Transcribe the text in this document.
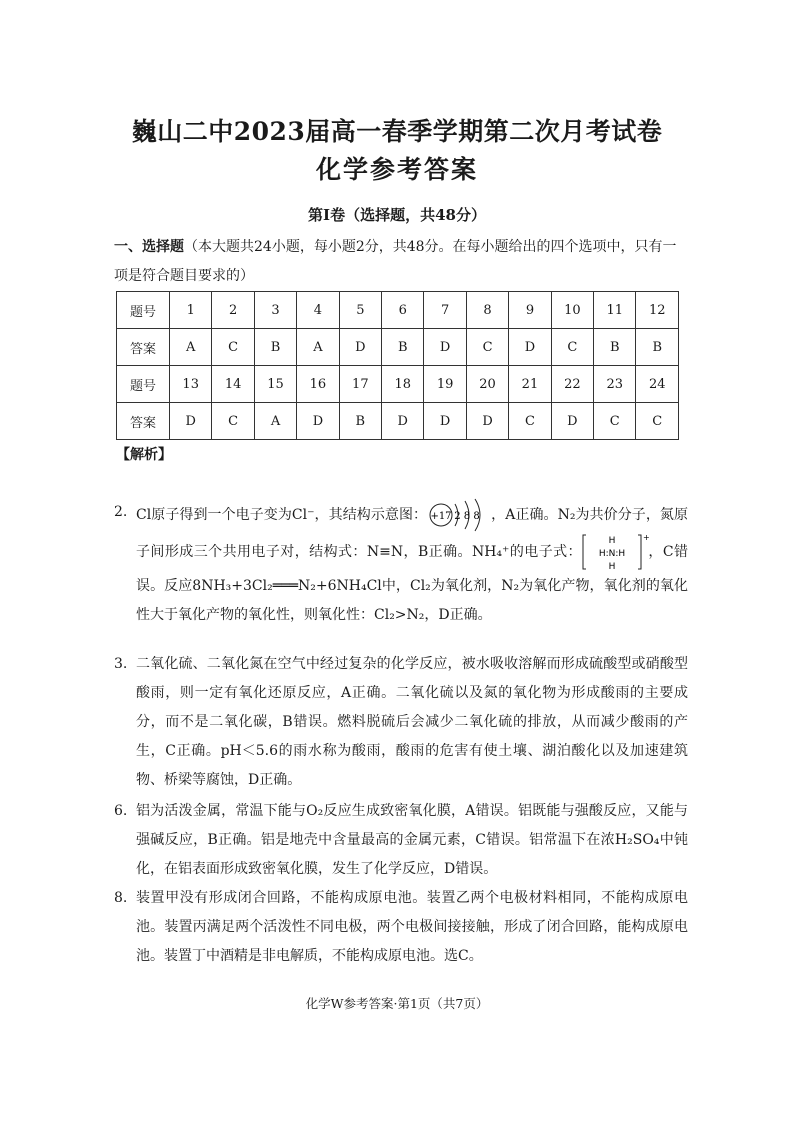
巍山二中2023届高一春季学期第二次月考试卷
化学参考答案
第Ⅰ卷（选择题，共48分）
一、选择题（本大题共24小题，每小题2分，共48分。在每小题给出的四个选项中，只有一项是符合题目要求的）
题号	1	2	3	4	5	6	7	8	9	10	11	12
答案	A	C	B	A	D	B	D	C	D	C	B	B
题号	13	14	15	16	17	18	19	20	21	22	23	24
答案	D	C	A	D	B	D	D	D	C	D	C	C
【解析】
2. Cl原子得到一个电子变为Cl⁻，其结构示意图： +17 2 8 8 ，A正确。N₂为共价分子，氮原子间形成三个共用电子对，结构式：N≡N，B正确。NH₄⁺的电子式：
H
H:N:H
H
+
，C错误。反应8NH₃+3Cl₂═══N₂+6NH₄Cl中，Cl₂为氧化剂，N₂为氧化产物，氧化剂的氧化性大于氧化产物的氧化性，则氧化性：Cl₂>N₂，D正确。
3. 二氧化硫、二氧化氮在空气中经过复杂的化学反应，被水吸收溶解而形成硫酸型或硝酸型酸雨，则一定有氧化还原反应，A正确。二氧化硫以及氮的氧化物为形成酸雨的主要成分，而不是二氧化碳，B错误。燃料脱硫后会减少二氧化硫的排放，从而减少酸雨的产生，C正确。pH＜5.6的雨水称为酸雨，酸雨的危害有使土壤、湖泊酸化以及加速建筑物、桥梁等腐蚀，D正确。
6. 铝为活泼金属，常温下能与O₂反应生成致密氧化膜，A错误。铝既能与强酸反应，又能与强碱反应，B正确。铝是地壳中含量最高的金属元素，C错误。铝常温下在浓H₂SO₄中钝化，在铝表面形成致密氧化膜，发生了化学反应，D错误。
8. 装置甲没有形成闭合回路，不能构成原电池。装置乙两个电极材料相同，不能构成原电池。装置丙满足两个活泼性不同电极，两个电极间接接触，形成了闭合回路，能构成原电池。装置丁中酒精是非电解质，不能构成原电池。选C。
化学W参考答案·第1页（共7页）
